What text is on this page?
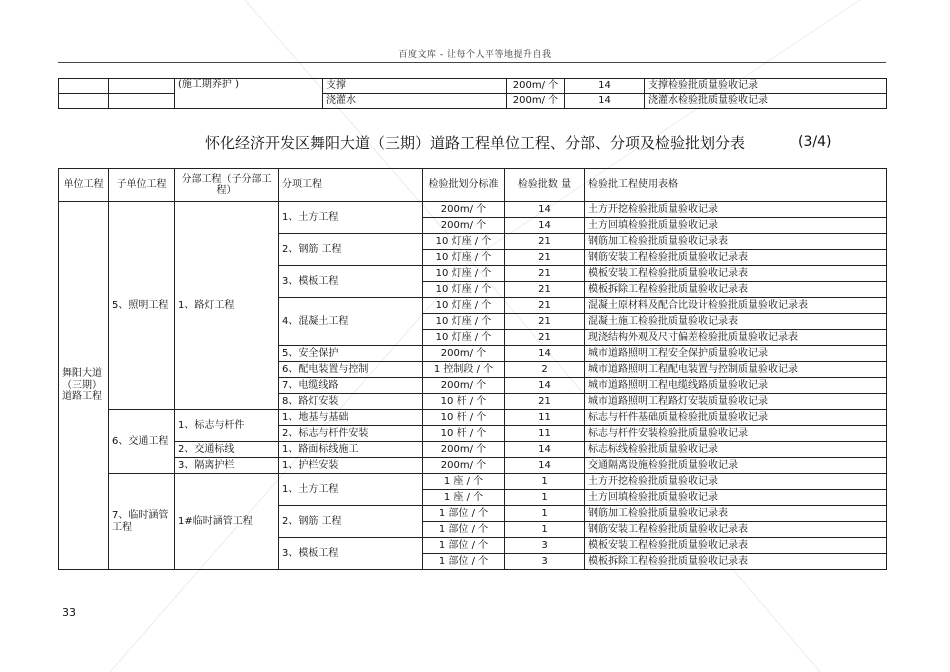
百度文库 - 让每个人平等地提升自我
		(施工期养护 )	支撑	200m/ 个	14	支撑检验批质量验收记录
			浇灌水	200m/ 个	14	浇灌水检验批质量验收记录
怀化经济开发区舞阳大道（三期）道路工程单位工程、分部、分项及检验批划分表	(3/4)
单位工程	子单位工程	分部工程（子分部工程）	分项工程	检验批划分标准	检验批数 量	检验批工程使用表格
舞阳大道（三期）道路工程	5、照明工程	1、路灯工程	1、土方工程	200m/ 个	14	土方开挖检验批质量验收记录
				200m/ 个	14	土方回填检验批质量验收记录
			2、钢筋 工程	10 灯座 / 个	21	钢筋加工检验批质量验收记录表
				10 灯座 / 个	21	钢筋安装工程检验批质量验收记录表
			3、模板工程	10 灯座 / 个	21	模板安装工程检验批质量验收记录表
				10 灯座 / 个	21	模板拆除工程检验批质量验收记录表
			4、混凝土工程	10 灯座 / 个	21	混凝土原材料及配合比设计检验批质量验收记录表
				10 灯座 / 个	21	混凝土施工检验批质量验收记录表
				10 灯座 / 个	21	现浇结构外观及尺寸偏差检验批质量验收记录表
			5、安全保护	200m/ 个	14	城市道路照明工程安全保护质量验收记录
			6、配电装置与控制	1 控制段 / 个	2	城市道路照明工程配电装置与控制质量验收记录
			7、电缆线路	200m/ 个	14	城市道路照明工程电缆线路质量验收记录
			8、路灯安装	10 杆 / 个	21	城市道路照明工程路灯安装质量验收记录
	6、交通工程	1、标志与杆件	1、地基与基础	10 杆 / 个	11	标志与杆件基础质量检验批质量验收记录
			2、标志与杆件安装	10 杆 / 个	11	标志与杆件安装检验批质量验收记录
		2、交通标线	1、路面标线施工	200m/ 个	14	标志标线检验批质量验收记录
		3、隔离护栏	1、护栏安装	200m/ 个	14	交通隔离设施检验批质量验收记录
	7、临时涵管工程	1#临时涵管工程	1、土方工程	1 座 / 个	1	土方开挖检验批质量验收记录
				1 座 / 个	1	土方回填检验批质量验收记录
			2、钢筋 工程	1 部位 / 个	1	钢筋加工检验批质量验收记录表
				1 部位 / 个	1	钢筋安装工程检验批质量验收记录表
			3、模板工程	1 部位 / 个	3	模板安装工程检验批质量验收记录表
				1 部位 / 个	3	模板拆除工程检验批质量验收记录表
33
